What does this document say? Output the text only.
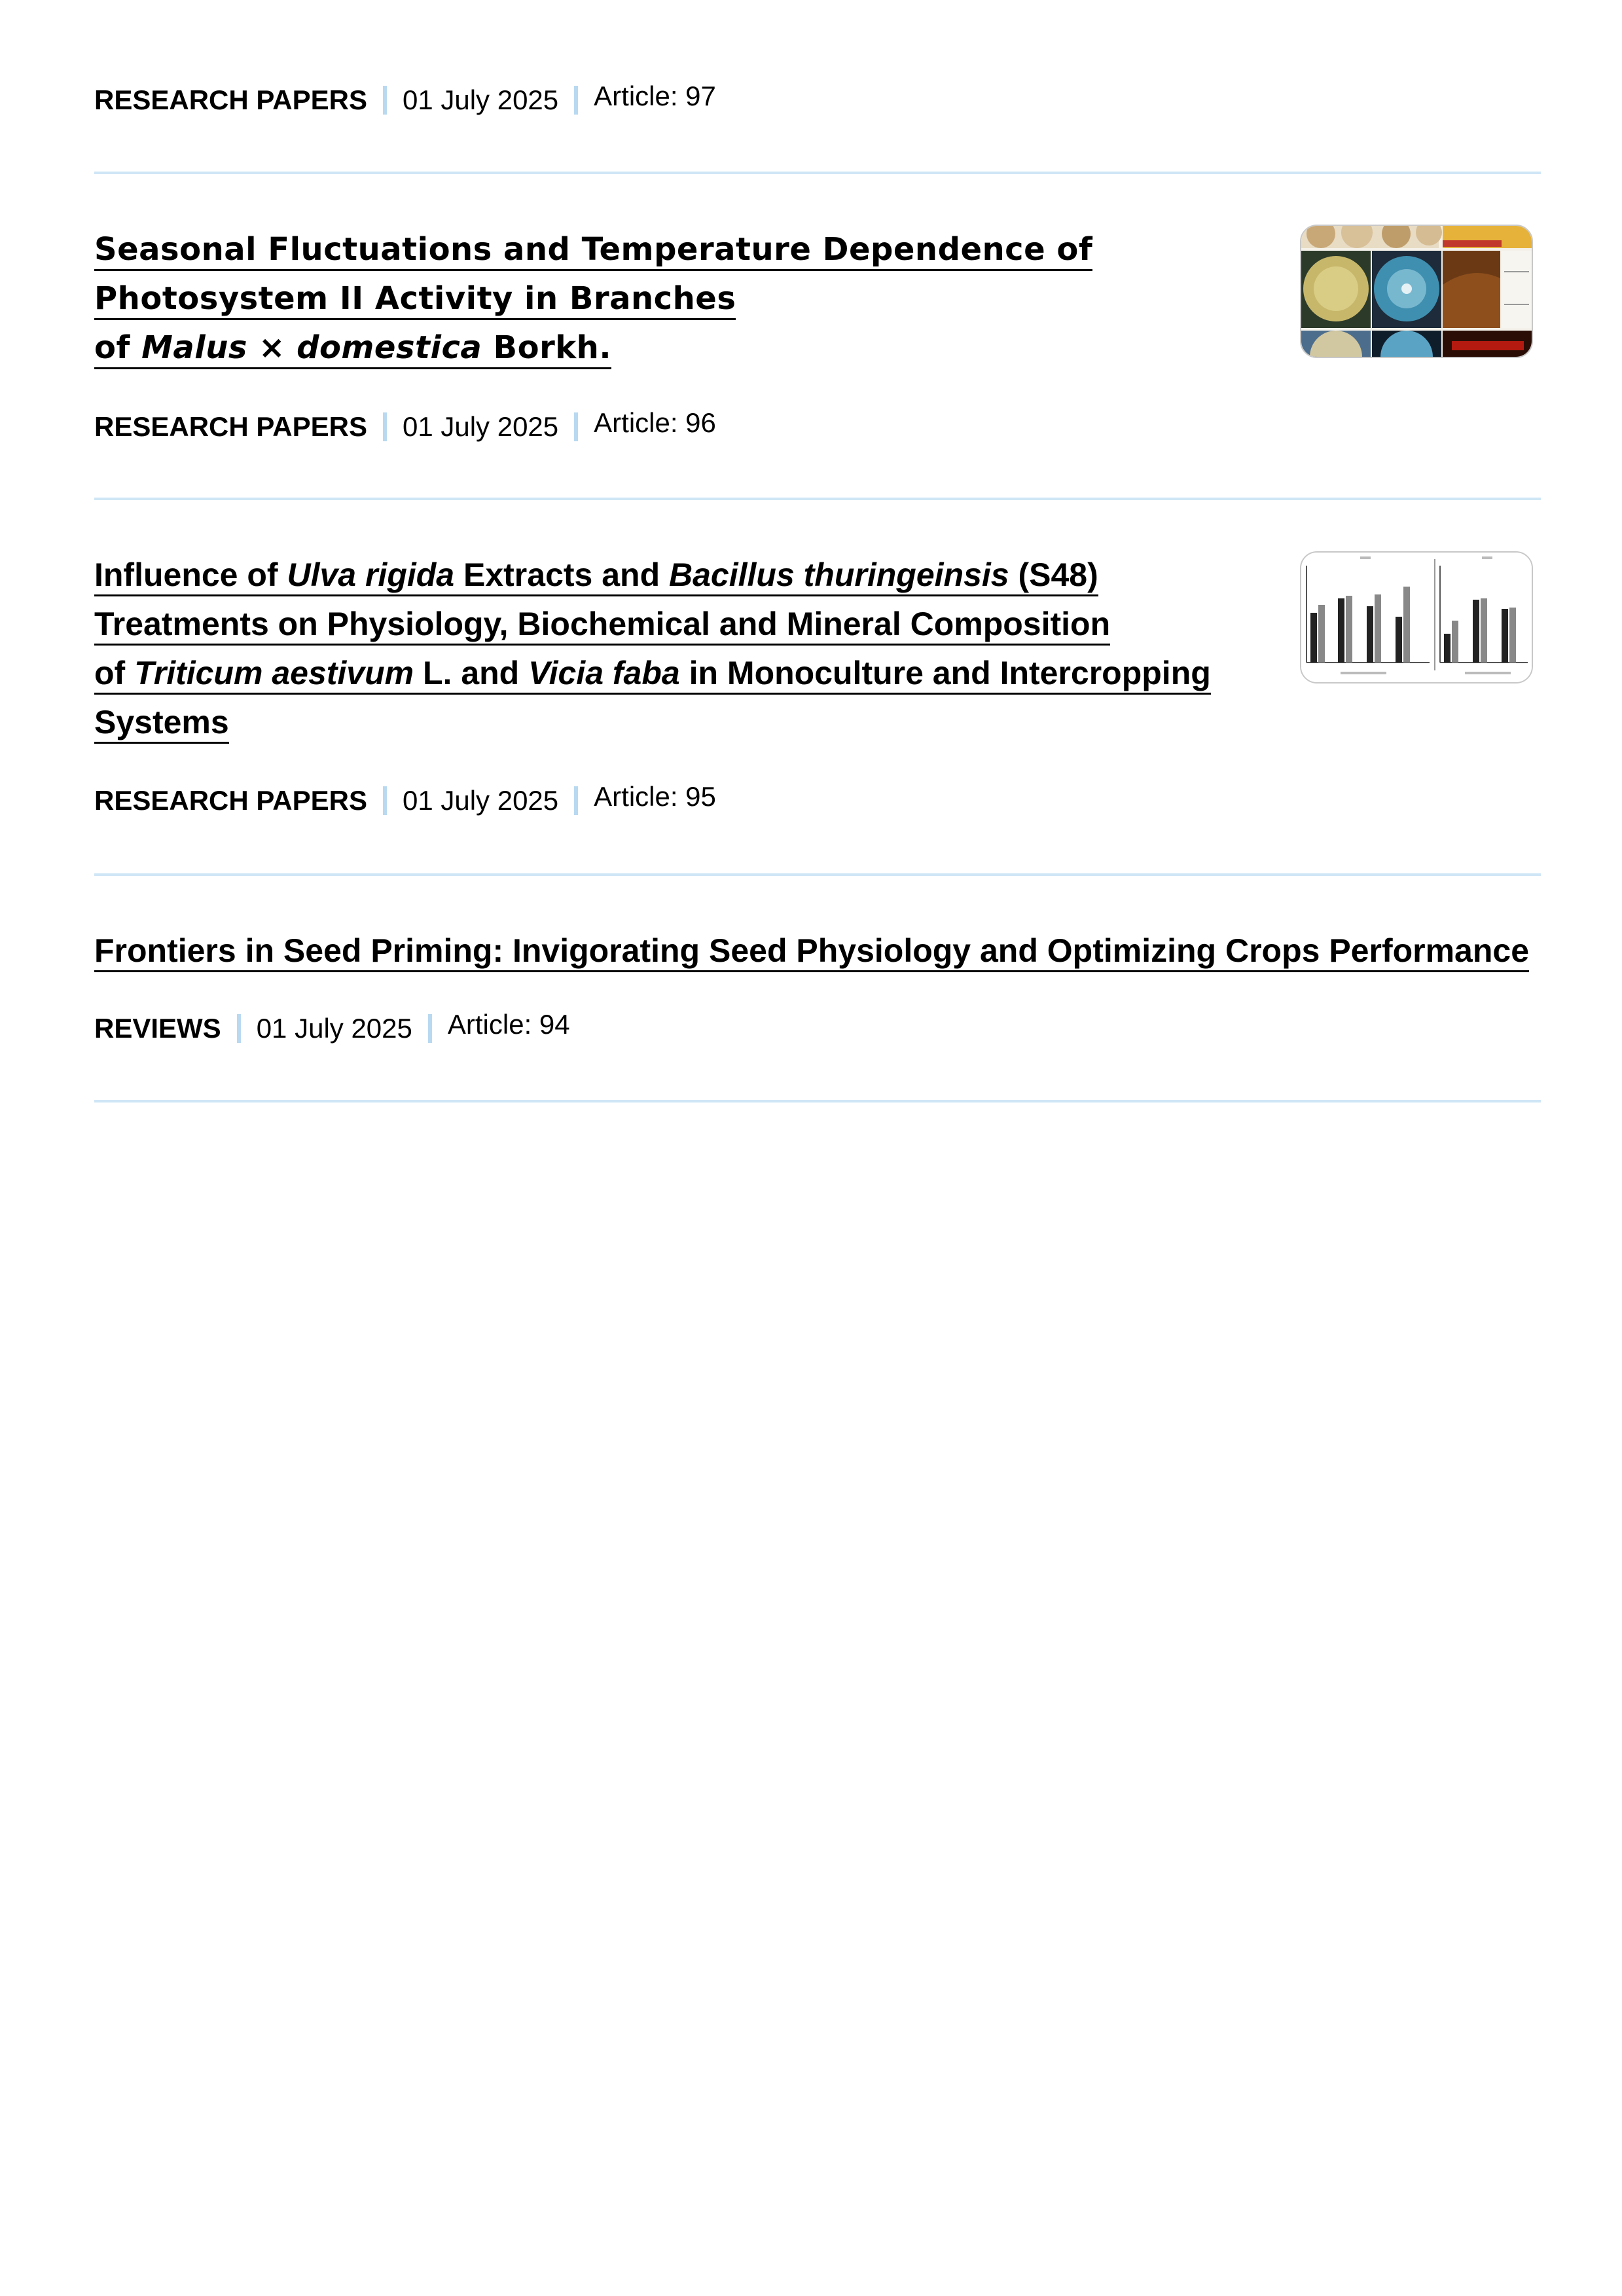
RESEARCH PAPERS 01 July 2025 Article: 97
Seasonal Fluctuations and Temperature Dependence of
Photosystem II Activity in Branches
of Malus × domestica Borkh.
RESEARCH PAPERS 01 July 2025 Article: 96
Influence of Ulva rigida Extracts and Bacillus thuringeinsis (S48)
Treatments on Physiology, Biochemical and Mineral Composition
of Triticum aestivum L. and Vicia faba in Monoculture and Intercropping
Systems
RESEARCH PAPERS 01 July 2025 Article: 95
Frontiers in Seed Priming: Invigorating Seed Physiology and Optimizing Crops Performance
REVIEWS 01 July 2025 Article: 94
